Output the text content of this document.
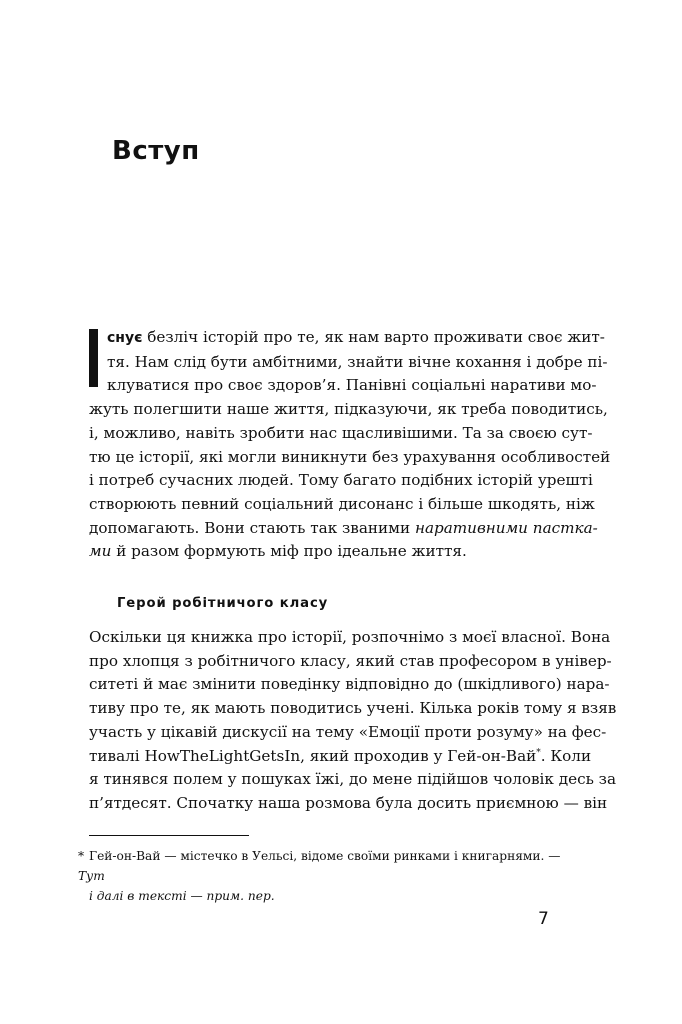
Вступ

снує безліч історій про те, як нам варто проживати своє жит-
тя. Нам слід бути амбітними, знайти вічне кохання і добре пі-
клуватися про своє здоров’я. Панівні соціальні наративи мо-
жуть полегшити наше життя, підказуючи, як треба поводитись,
і, можливо, навіть зробити нас щасливішими. Та за своєю сут-
тю це історії, які могли виникнути без урахування особливостей
і потреб сучасних людей. Тому багато подібних історій урешті
створюють певний соціальний дисонанс і більше шкодять, ніж
допомагають. Вони стають так званими наративними пастка-
ми й разом формують міф про ідеальне життя.

Герой робітничого класу

Оскільки ця книжка про історії, розпочнімо з моєї власної. Вона
про хлопця з робітничого класу, який став професором в універ-
ситеті й має змінити поведінку відповідно до (шкідливого) нара-
тиву про те, як мають поводитись учені. Кілька років тому я взяв
участь у цікавій дискусії на тему «Емоції проти розуму» на фес-
тивалі HowTheLightGetsIn, який проходив у Гей-он-Вай*. Коли
я тинявся полем у пошуках їжі, до мене підійшов чоловік десь за
п’ятдесят. Спочатку наша розмова була досить приємною — він

* Гей-он-Вай — містечко в Уельсі, відоме своїми ринками і книгарнями. — Тут
і далі в тексті — прим. пер.

7
